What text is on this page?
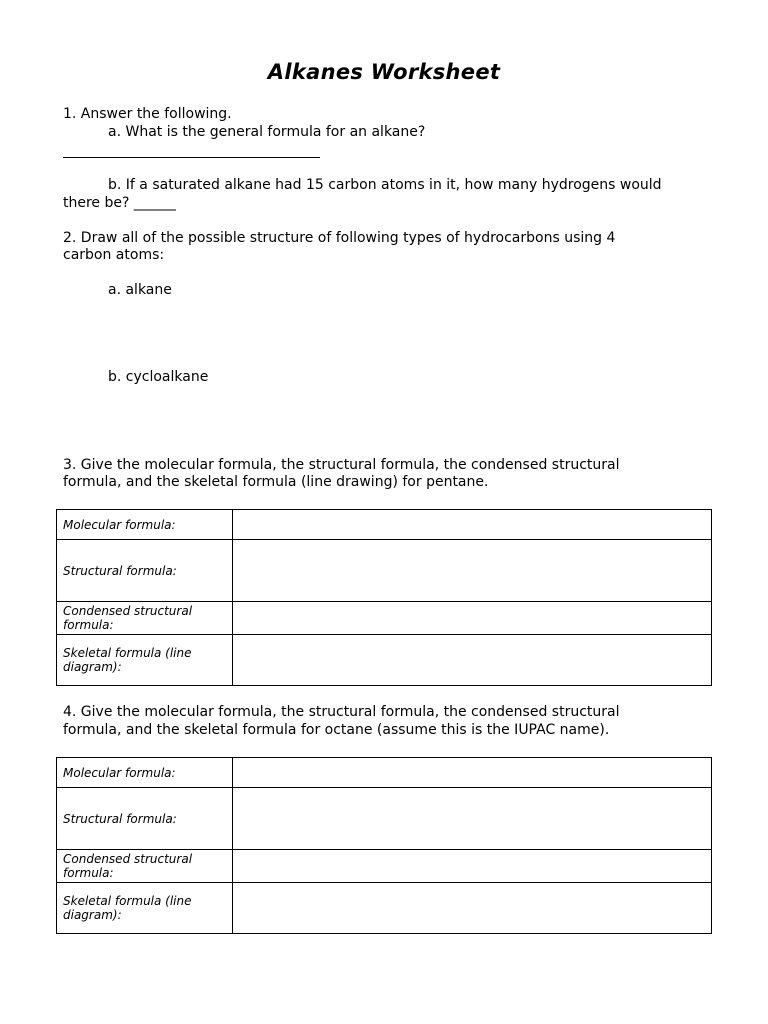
Alkanes Worksheet
1. Answer the following.
a. What is the general formula for an alkane?
b. If a saturated alkane had 15 carbon atoms in it, how many hydrogens would
there be? ______
2. Draw all of the possible structure of following types of hydrocarbons using 4
carbon atoms:
a. alkane
b. cycloalkane
3. Give the molecular formula, the structural formula, the condensed structural
formula, and the skeletal formula (line drawing) for pentane.
Molecular formula:	
Structural formula:	
Condensed structural
formula:	
Skeletal formula (line
diagram):	
4. Give the molecular formula, the structural formula, the condensed structural
formula, and the skeletal formula for octane (assume this is the IUPAC name).
Molecular formula:	
Structural formula:	
Condensed structural
formula:	
Skeletal formula (line
diagram):	
